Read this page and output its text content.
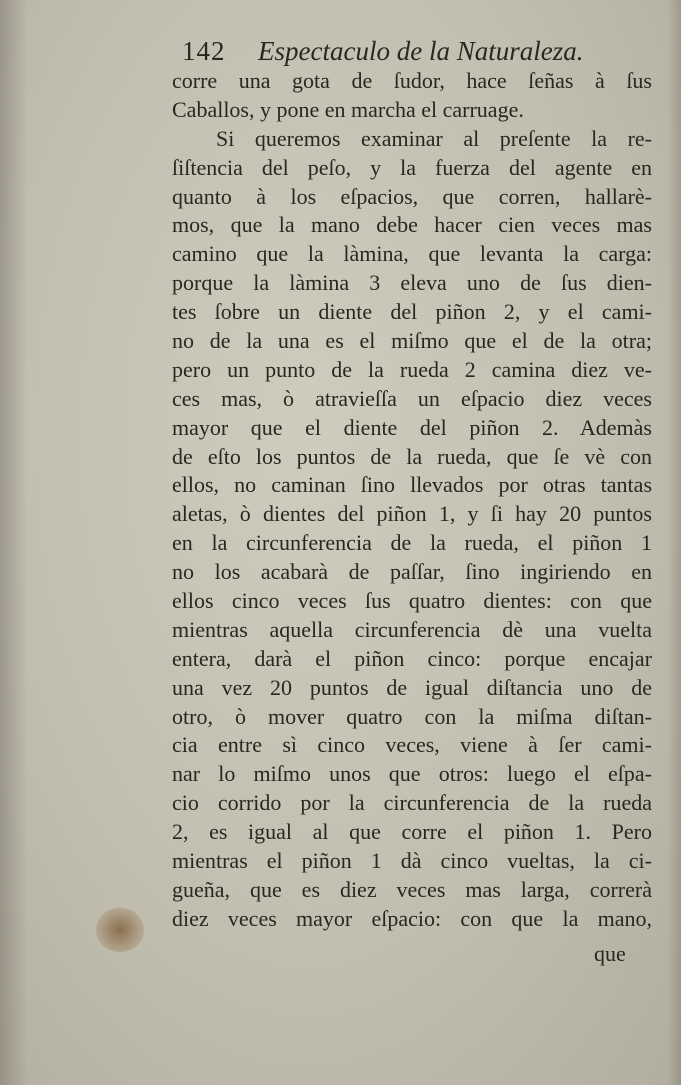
142 Espectaculo de la Naturaleza.
corre una gota de ſudor, hace ſeñas à ſus
Caballos, y pone en marcha el carruage.
Si queremos examinar al preſente la re-
ſiſtencia del peſo, y la fuerza del agente en
quanto à los eſpacios, que corren, hallarè-
mos, que la mano debe hacer cien veces mas
camino que la làmina, que levanta la carga:
porque la làmina 3 eleva uno de ſus dien-
tes ſobre un diente del piñon 2, y el cami-
no de la una es el miſmo que el de la otra;
pero un punto de la rueda 2 camina diez ve-
ces mas, ò atravieſſa un eſpacio diez veces
mayor que el diente del piñon 2. Ademàs
de eſto los puntos de la rueda, que ſe vè con
ellos, no caminan ſino llevados por otras tantas
aletas, ò dientes del piñon 1, y ſi hay 20 puntos
en la circunferencia de la rueda, el piñon 1
no los acabarà de paſſar, ſino ingiriendo en
ellos cinco veces ſus quatro dientes: con que
mientras aquella circunferencia dè una vuelta
entera, darà el piñon cinco: porque encajar
una vez 20 puntos de igual diſtancia uno de
otro, ò mover quatro con la miſma diſtan-
cia entre sì cinco veces, viene à ſer cami-
nar lo miſmo unos que otros: luego el eſpa-
cio corrido por la circunferencia de la rueda
2, es igual al que corre el piñon 1. Pero
mientras el piñon 1 dà cinco vueltas, la ci-
gueña, que es diez veces mas larga, correrà
diez veces mayor eſpacio: con que la mano,
que
